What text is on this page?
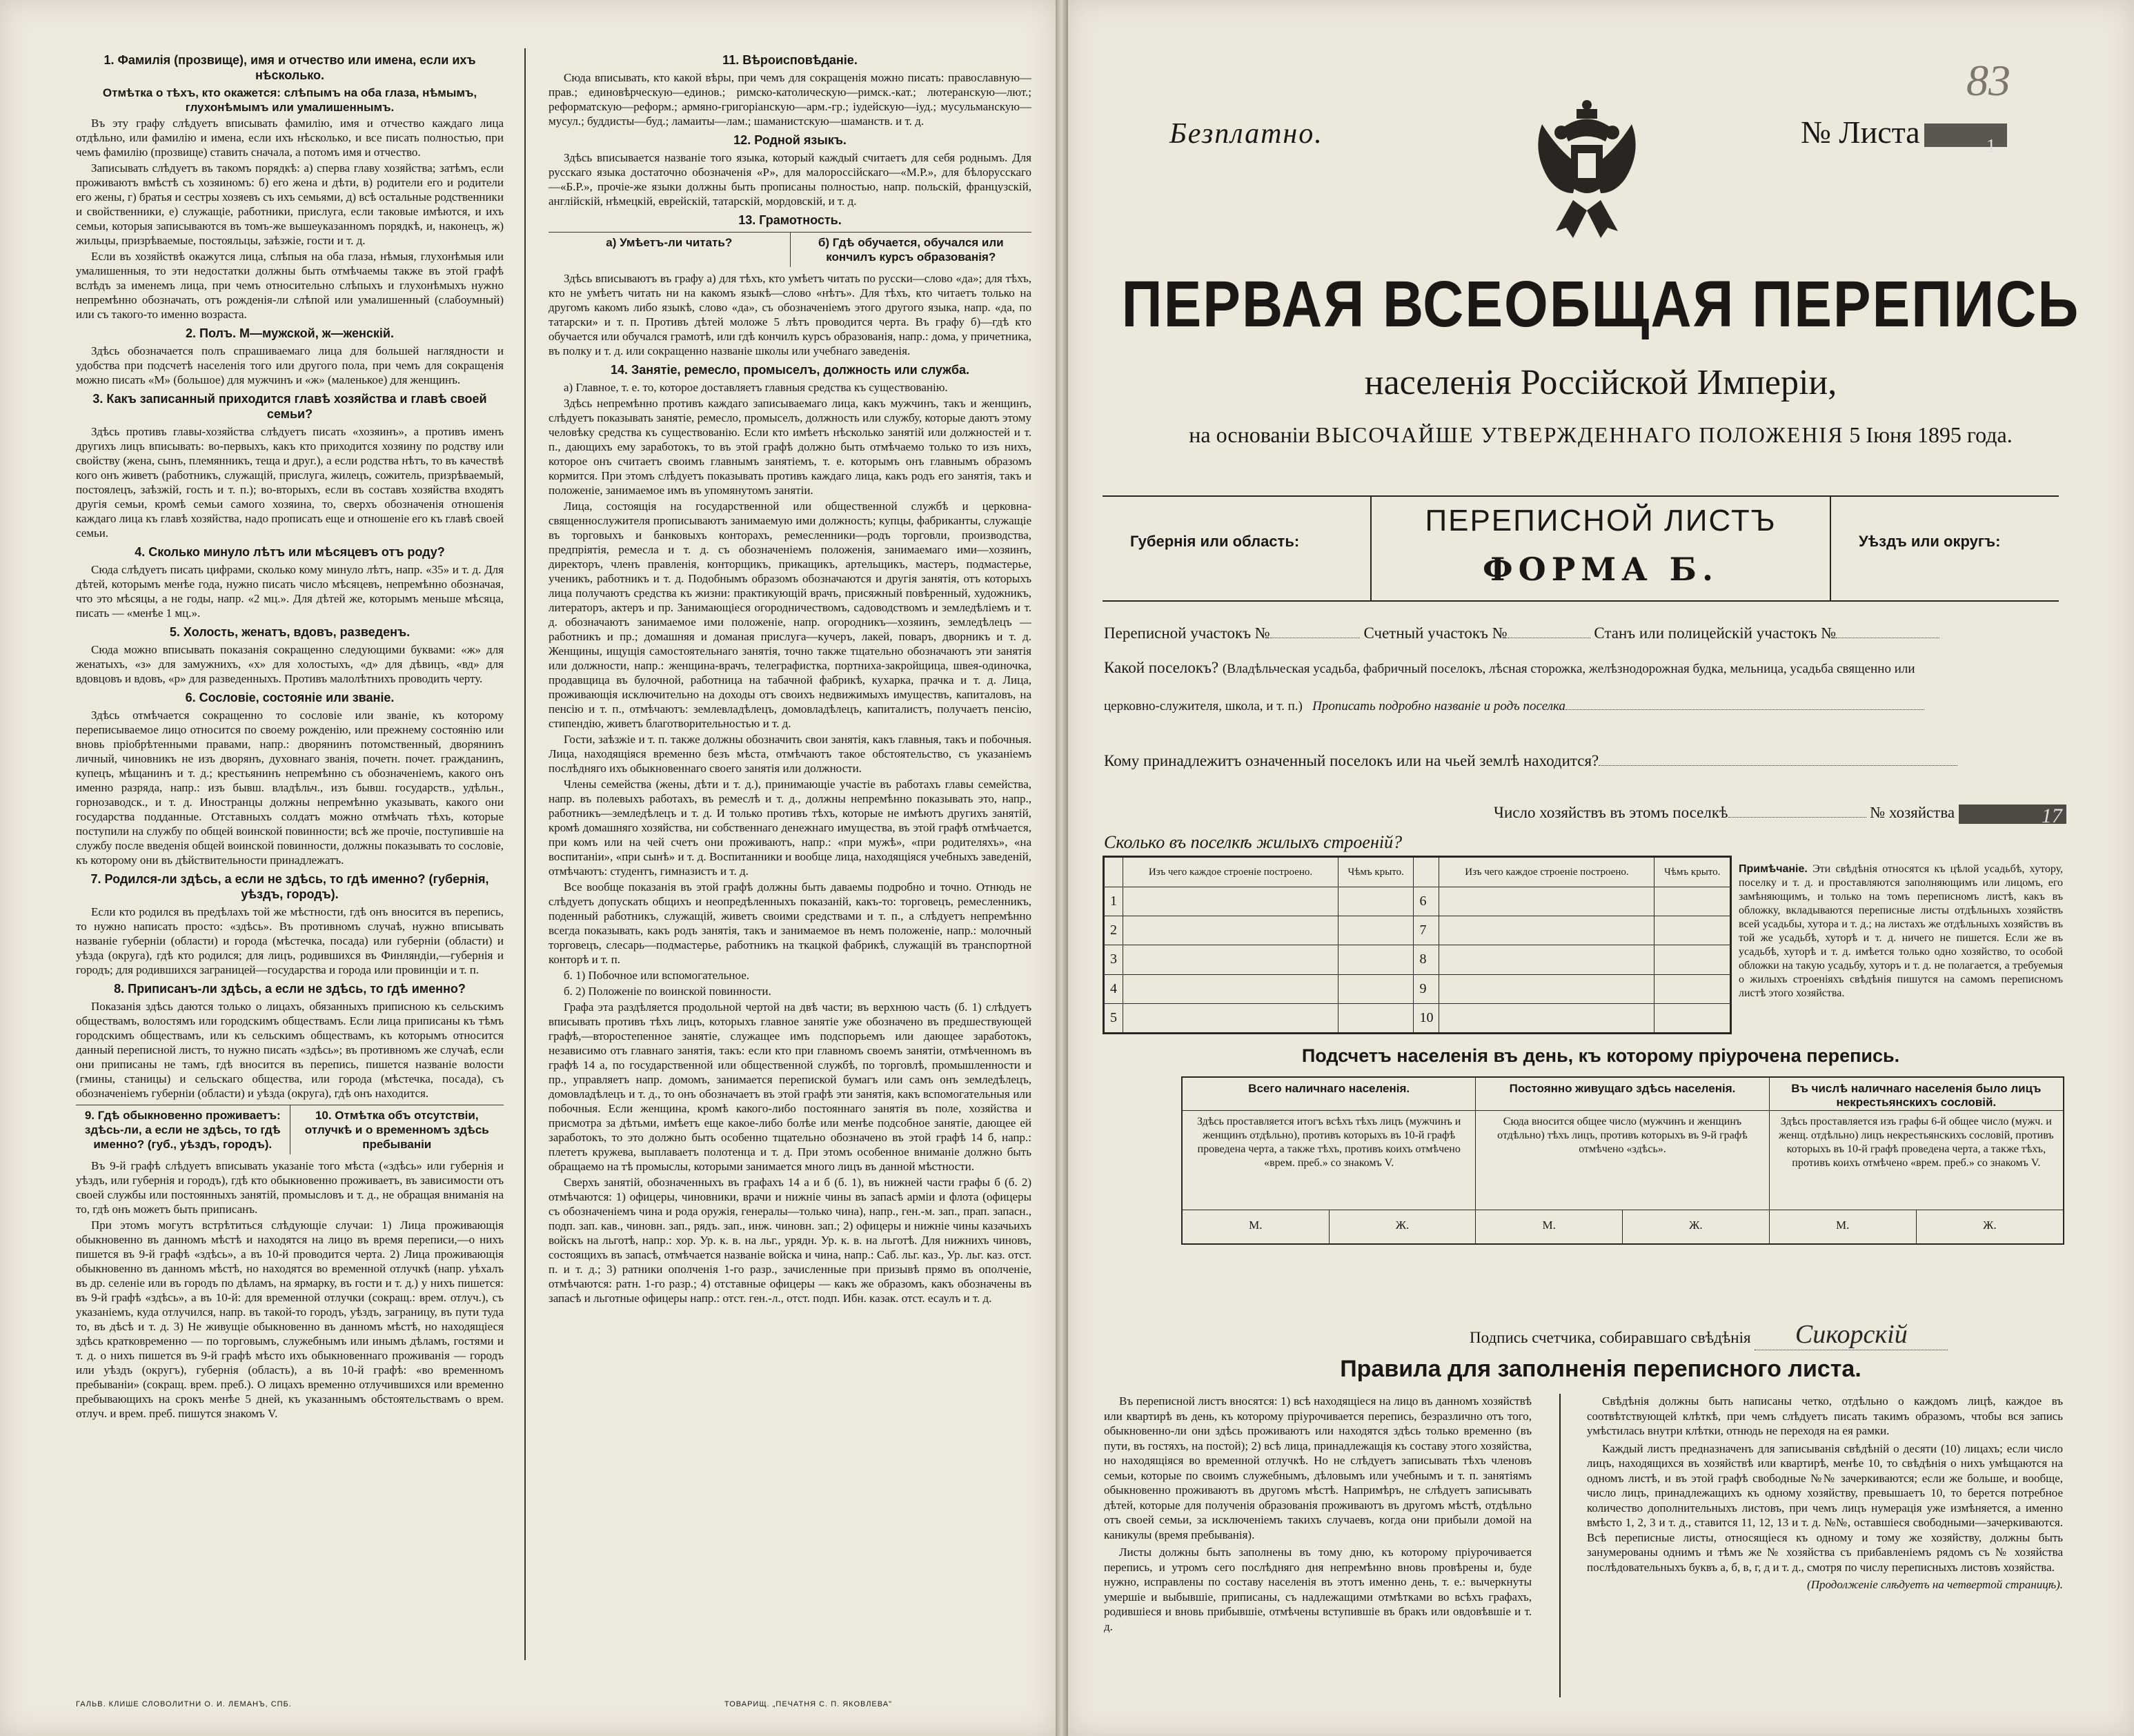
1. Фамилія (прозвище), имя и отчество или имена, если ихъ нѣсколько.

Отмѣтка о тѣхъ, кто окажется: слѣпымъ на оба глаза, нѣмымъ, глухонѣмымъ или умалишеннымъ.

Въ эту графу слѣдуетъ вписывать фамилію, имя и отчество каждаго лица отдѣльно, или фамилію и имена, если ихъ нѣсколько, и все писать полностью, при чемъ фамилію (прозвище) ставить сначала, а потомъ имя и отчество.

Записывать слѣдуетъ въ такомъ порядкѣ: а) сперва главу хозяйства; затѣмъ, если проживаютъ вмѣстѣ съ хозяиномъ: б) его жена и дѣти, в) родители его и родители его жены, г) братья и сестры хозяевъ съ ихъ семьями, д) всѣ остальные родственники и свойственники, е) служащіе, работники, прислуга, если таковые имѣются, и ихъ семьи, которыя записываются въ томъ-же вышеуказанномъ порядкѣ, и, наконецъ, ж) жильцы, призрѣваемые, постояльцы, заѣзжіе, гости и т. д.

Если въ хозяйствѣ окажутся лица, слѣпыя на оба глаза, нѣмыя, глухонѣмыя или умалишенныя, то эти недостатки должны быть отмѣчаемы также въ этой графѣ вслѣдъ за именемъ лица, при чемъ относительно слѣпыхъ и глухонѣмыхъ нужно непремѣнно обозначать, отъ рожденія-ли слѣпой или умалишенный (слабоумный) или съ такого-то именно возраста.

2. Полъ. М—мужской, ж—женскій.

Здѣсь обозначается полъ спрашиваемаго лица для большей наглядности и удобства при подсчетѣ населенія того или другого пола, при чемъ для сокращенія можно писать «М» (большое) для мужчинъ и «ж» (маленькое) для женщинъ.

3. Какъ записанный приходится главѣ хозяйства и главѣ своей семьи?

Здѣсь противъ главы-хозяйства слѣдуетъ писать «хозяинъ», а противъ именъ другихъ лицъ вписывать: во-первыхъ, какъ кто приходится хозяину по родству или свойству (жена, сынъ, племянникъ, теща и друг.), а если родства нѣтъ, то въ качествѣ кого онъ живетъ (работникъ, служащій, прислуга, жилецъ, сожитель, призрѣваемый, постоялецъ, заѣзжій, гость и т. п.); во-вторыхъ, если въ составъ хозяйства входятъ другія семьи, кромѣ семьи самого хозяина, то, сверхъ обозначенія отношенія каждаго лица къ главѣ хозяйства, надо прописать еще и отношеніе его къ главѣ своей семьи.

4. Сколько минуло лѣтъ или мѣсяцевъ отъ роду?

Сюда слѣдуетъ писать цифрами, сколько кому минуло лѣтъ, напр. «35» и т. д. Для дѣтей, которымъ менѣе года, нужно писать число мѣсяцевъ, непремѣнно обозначая, что это мѣсяцы, а не годы, напр. «2 мц.». Для дѣтей же, которымъ меньше мѣсяца, писать — «менѣе 1 мц.».

5. Холость, женатъ, вдовъ, разведенъ.

Сюда можно вписывать показанія сокращенно следующими буквами: «ж» для женатыхъ, «з» для замужнихъ, «х» для холостыхъ, «д» для дѣвицъ, «вд» для вдовцовъ и вдовъ, «р» для разведенныхъ. Противъ малолѣтнихъ проводить черту.

6. Сословіе, состояніе или званіе.

Здѣсь отмѣчается сокращенно то сословіе или званіе, къ которому переписываемое лицо относится по своему рожденію, или прежнему состоянію или вновь пріобрѣтенными правами, напр.: дворянинъ потомственный, дворянинъ личный, чиновникъ не изъ дворянъ, духовнаго званія, почетн. почет. гражданинъ, купецъ, мѣщанинъ и т. д.; крестьянинъ непремѣнно съ обозначеніемъ, какого онъ именно разряда, напр.: изъ бывш. владѣльч., изъ бывш. государств., удѣльн., горнозаводск., и т. д. Иностранцы должны непремѣнно указывать, какого они государства подданные. Отставныхъ солдатъ можно отмѣчать тѣхъ, которые поступили на службу по общей воинской повинности; всѣ же прочіе, поступившіе на службу после введенія общей воинской повинности, должны показывать то сословіе, къ которому они въ дѣйствительности принадлежатъ.

7. Родился-ли здѣсь, а если не здѣсь, то гдѣ именно? (губернія, уѣздъ, городъ).

Если кто родился въ предѣлахъ той же мѣстности, гдѣ онъ вносится въ перепись, то нужно написать просто: «здѣсь». Въ противномъ случаѣ, нужно вписывать названіе губерніи (области) и города (мѣстечка, посада) или губерніи (области) и уѣзда (округа), гдѣ кто родился; для лицъ, родившихся въ Финляндіи,—губернія и городъ; для родившихся заграницей—государства и города или провинціи и т. п.

8. Приписанъ-ли здѣсь, а если не здѣсь, то гдѣ именно?

Показанія здѣсь даются только о лицахъ, обязанныхъ приписною къ сельскимъ обществамъ, волостямъ или городскимъ обществамъ. Если лица приписаны къ тѣмъ городскимъ обществамъ, или къ сельскимъ обществамъ, къ которымъ относится данный переписной листъ, то нужно писать «здѣсь»; въ противномъ же случаѣ, если они приписаны не тамъ, гдѣ вносится въ перепись, пишется названіе волости (гмины, станицы) и сельскаго общества, или города (мѣстечка, посада), съ обозначеніемъ губерніи (области) и уѣзда (округа), гдѣ онъ находится.

9. Гдѣ обыкновенно проживаетъ: здѣсь-ли, а если не здѣсь, то гдѣ именно? (губ., уѣздъ, городъ).
10. Отмѣтка объ отсутствіи, отлучкѣ и о временномъ здѣсь пребываніи

Въ 9-й графѣ слѣдуетъ вписывать указаніе того мѣста («здѣсь» или губернія и уѣздъ, или губернія и городъ), гдѣ кто обыкновенно проживаетъ, въ зависимости отъ своей службы или постоянныхъ занятій, промысловъ и т. д., не обращая вниманія на то, гдѣ онъ можетъ быть приписанъ.

При этомъ могутъ встрѣтиться слѣдующіе случаи: 1) Лица проживающія обыкновенно въ данномъ мѣстѣ и находятся на лицо въ время переписи,—о нихъ пишется въ 9-й графѣ «здѣсь», а въ 10-й проводится черта. 2) Лица проживающія обыкновенно въ данномъ мѣстѣ, но находятся во временной отлучкѣ (напр. уѣхалъ въ др. селеніе или въ городъ по дѣламъ, на ярмарку, въ гости и т. д.) у нихъ пишется: въ 9-й графѣ «здѣсь», а въ 10-й: для временной отлучки (сокращ.: врем. отлуч.), съ указаніемъ, куда отлучился, напр. въ такой-то городъ, уѣздъ, заграницу, въ пути туда то, въ дѣсѣ и т. д. 3) Не живущіе обыкновенно въ данномъ мѣстѣ, но находящіеся здѣсь кратковременно — по торговымъ, служебнымъ или инымъ дѣламъ, гостями и т. д. о нихъ пишется въ 9-й графѣ мѣсто ихъ обыкновеннаго проживанія — городъ или уѣздъ (округъ), губернія (область), а въ 10-й графѣ: «во временномъ пребываніи» (сокращ. врем. преб.). О лицахъ временно отлучившихся или временно пребывающихъ на срокъ менѣе 5 дней, къ указаннымъ обстоятельствамъ о врем. отлуч. и врем. преб. пишутся знакомъ V.

11. Вѣроисповѣданіе.

Сюда вписывать, кто какой вѣры, при чемъ для сокращенія можно писать: православную—прав.; единовѣрческую—единов.; римско-католическую—римск.-кат.; лютеранскую—лют.; реформатскую—реформ.; армяно-григоріанскую—арм.-гр.; іудейскую—іуд.; мусульманскую—мусул.; буддисты—буд.; ламаиты—лам.; шаманистскую—шаманств. и т. д.

12. Родной языкъ.

Здѣсь вписывается названіе того языка, который каждый считаетъ для себя роднымъ. Для русскаго языка достаточно обозначенія «Р», для малороссійскаго—«М.Р.», для бѣлорусскаго—«Б.Р.», прочіе-же языки должны быть прописаны полностью, напр. польскій, французскій, англійскій, нѣмецкій, еврейскій, татарскій, мордовскій, и т. д.

13. Грамотность.
а) Умѣетъ-ли читать?	б) Гдѣ обучается, обучался или кончилъ курсъ образованія?

Здѣсь вписываютъ въ графу а) для тѣхъ, кто умѣетъ читать по русски—слово «да»; для тѣхъ, кто не умѣетъ читать ни на какомъ языкѣ—слово «нѣтъ». Для тѣхъ, кто читаетъ только на другомъ какомъ либо языкѣ, слово «да», съ обозначеніемъ этого другого языка, напр. «да, по татарски» и т. п. Противъ дѣтей моложе 5 лѣтъ проводится черта. Въ графу б)—гдѣ кто обучается или обучался грамотѣ, или гдѣ кончилъ курсъ образованія, напр.: дома, у причетника, въ полку и т. д. или сокращенно названіе школы или учебнаго заведенія.

14. Занятіе, ремесло, промыселъ, должность или служба.

а) Главное, т. е. то, которое доставляетъ главныя средства къ существованію.

Здѣсь непремѣнно противъ каждаго записываемаго лица, какъ мужчинъ, такъ и женщинъ, слѣдуетъ показывать занятіе, ремесло, промыселъ, должность или службу, которые даютъ этому человѣку средства къ существованію. Если кто имѣетъ нѣсколько занятій или должностей и т. п., дающихъ ему заработокъ, то въ этой графѣ должно быть отмѣчаемо только то изъ нихъ, которое онъ считаетъ своимъ главнымъ занятіемъ, т. е. которымъ онъ главнымъ образомъ кормится. При этомъ слѣдуетъ показывать противъ каждаго лица, какъ родъ его занятія, такъ и положеніе, занимаемое имъ въ упомянутомъ занятіи.

Лица, состоящія на государственной или общественной службѣ и церковна-священнослужителя прописываютъ занимаемую ими должность; купцы, фабриканты, служащіе въ торговыхъ и банковыхъ конторахъ, ремесленники—родъ торговли, производства, предпріятія, ремесла и т. д. съ обозначеніемъ положенія, занимаемаго ими—хозяинъ, директоръ, членъ правленія, конторщикъ, прикащикъ, артельщикъ, мастеръ, подмастерье, ученикъ, работникъ и т. д. Подобнымъ образомъ обозначаются и другія занятія, отъ которыхъ лица получаютъ средства къ жизни: практикующій врачъ, присяжный повѣренный, художникъ, литераторъ, актеръ и пр. Занимающіеся огородничествомъ, садоводствомъ и земледѣліемъ и т. д. обозначаютъ занимаемое ими положеніе, напр. огородникъ—хозяинъ, земледѣлецъ — работникъ и пр.; домашняя и доманая прислуга—кучеръ, лакей, поваръ, дворникъ и т. д. Женщины, ищущія самостоятельнаго занятія, точно также тщательно обозначаютъ эти занятія или должности, напр.: женщина-врачъ, телеграфистка, портниха-закройщица, швея-одиночка, продавщица въ булочной, работница на табачной фабрикѣ, кухарка, прачка и т. д. Лица, проживающія исключительно на доходы отъ своихъ недвижимыхъ имуществъ, капиталовъ, на пенсію и т. п., отмѣчаютъ: землевладѣлецъ, домовладѣлецъ, капиталистъ, получаетъ пенсію, стипендію, живетъ благотворительностью и т. д.

Гости, заѣзжіе и т. п. также должны обозначить свои занятія, какъ главныя, такъ и побочныя. Лица, находящіяся временно безъ мѣста, отмѣчаютъ такое обстоятельство, съ указаніемъ послѣдняго ихъ обыкновеннаго своего занятія или должности.

Члены семейства (жены, дѣти и т. д.), принимающіе участіе въ работахъ главы семейства, напр. въ полевыхъ работахъ, въ ремеслѣ и т. д., должны непремѣнно показывать это, напр., работникъ—земледѣлецъ и т. д. И только противъ тѣхъ, которые не имѣютъ другихъ занятій, кромѣ домашняго хозяйства, ни собственнаго денежнаго имущества, въ этой графѣ отмѣчается, при комъ или на чей счетъ они проживаютъ, напр.: «при мужѣ», «при родителяхъ», «на воспитаніи», «при сынѣ» и т. д. Воспитанники и вообще лица, находящіяся учебныхъ заведеній, отмѣчаютъ: студентъ, гимназистъ и т. д.

Все вообще показанія въ этой графѣ должны быть даваемы подробно и точно. Отнюдь не слѣдуетъ допускать общихъ и неопредѣленныхъ показаній, какъ-то: торговецъ, ремесленникъ, поденный работникъ, служащій, живетъ своими средствами и т. п., а слѣдуетъ непремѣнно всегда показывать, какъ родъ занятія, такъ и занимаемое въ немъ положеніе, напр.: молочный торговецъ, слесарь—подмастерье, работникъ на ткацкой фабрикѣ, служащій въ транспортной конторѣ и т. п.

б. 1) Побочное или вспомогательное.

б. 2) Положеніе по воинской повинности.

Графа эта раздѣляется продольной чертой на двѣ части; въ верхнюю часть (б. 1) слѣдуетъ вписывать противъ тѣхъ лицъ, которыхъ главное занятіе уже обозначено въ предшествующей графѣ,—второстепенное занятіе, служащее имъ подспорьемъ или дающее заработокъ, независимо отъ главнаго занятія, такъ: если кто при главномъ своемъ занятіи, отмѣченномъ въ графѣ 14 а, по государственной или общественной службѣ, по торговлѣ, промышленности и пр., управляетъ напр. домомъ, занимается перепиской бумагъ или самъ онъ земледѣлецъ, домовладѣлецъ и т. д., то онъ обозначаетъ въ этой графѣ эти занятія, какъ вспомогательныя или побочныя. Если женщина, кромѣ какого-либо постояннаго занятія въ поле, хозяйства и присмотра за дѣтьми, имѣетъ еще какое-либо болѣе или менѣе подсобное занятіе, дающее ей заработокъ, то это должно быть особенно тщательно обозначено въ этой графѣ 14 б, напр.: плететъ кружева, выплаваетъ полотенца и т. д. При этомъ особенное вниманіе должно быть обращаемо на тѣ промыслы, которыми занимается много лицъ въ данной мѣстности.

Сверхъ занятій, обозначенныхъ въ графахъ 14 а и б (б. 1), въ нижней части графы б (б. 2) отмѣчаются: 1) офицеры, чиновники, врачи и нижніе чины въ запасѣ армiи и флота (офицеры съ обозначеніемъ чина и рода оружія, генералы—только чина), напр., ген.-м. зап., прап. запасн., подп. зап. кав., чиновн. зап., рядъ. зап., инж. чиновн. зап.; 2) офицеры и нижніе чины казачьихъ войскъ на льготѣ, напр.: хор. Ур. к. в. на льг., урядн. Ур. к. в. на льготѣ. Для нижнихъ чиновъ, состоящихъ въ запасѣ, отмѣчается названіе войска и чина, напр.: Саб. льг. каз., Ур. льг. каз. отст. п. и т. д.; 3) ратники ополченія 1-го разр., зачисленные при призывѣ прямо въ ополченіе, отмѣчаются: ратн. 1-го разр.; 4) отставные офицеры — какъ же образомъ, какъ обозначены въ запасѣ и льготные офицеры напр.: отст. ген.-л., отст. подп. Ибн. казак. отст. есаулъ и т. д.

ГАЛЬВ. КЛИШЕ СЛОВОЛИТНИ О. И. ЛЕМАНЪ, СПБ.	ТОВАРИЩ. „ПЕЧАТНЯ С. П. ЯКОВЛЕВА"
83
Безплатно.	№ Листа	1
ПЕРВАЯ ВСЕОБЩАЯ ПЕРЕПИСЬ
населенія Россійской Имперіи,
на основаніи ВЫСОЧАЙШЕ УТВЕРЖДЕННАГО ПОЛОЖЕНІЯ 5 Іюня 1895 года.
Губернія или область:
ПЕРЕПИСНОЙ ЛИСТЪ
ФОРМА Б.
Уѣздъ или округъ:
Переписной участокъ №	Счетный участокъ №	Станъ или полицейскій участокъ №
Какой поселокъ? (Владѣльческая усадьба, фабричный поселокъ, лѣсная сторожка, желѣзнодорожная будка, мельница, усадьба священно или
церковно-служителя, школа, и т. п.) Прописать подробно названіе и родъ поселка
Кому принадлежитъ означенный поселокъ или на чьей землѣ находится?
Число хозяйствъ въ этомъ поселкѣ	№ хозяйства	17
Сколько въ поселкѣ жилыхъ строеній?
	Изъ чего каждое строеніе построено.	Чѣмъ крыто.		Изъ чего каждое строеніе построено.	Чѣмъ крыто.
1			6		
2			7		
3			8		
4			9		
5			10		
Примѣчаніе. Эти свѣдѣнія относятся къ цѣлой усадьбѣ, хутору, поселку и т. д. и проставляются заполняющимъ или лицомъ, его замѣняющимъ, и только на томъ переписномъ листѣ, какъ въ обложку, вкладываются переписные листы отдѣльныхъ хозяйствъ всей усадьбы, хутора и т. д.; на листахъ же отдѣльныхъ хозяйствъ въ той же усадьбѣ, хуторѣ и т. д. ничего не пишется. Если же въ усадьбѣ, хуторѣ и т. д. имѣется только одно хозяйство, то особой обложки на такую усадьбу, хуторъ и т. д. не полагается, а требуемыя о жилыхъ строеніяхъ свѣдѣнія пишутся на самомъ переписномъ листѣ этого хозяйства.
Подсчетъ населенія въ день, къ которому пріурочена перепись.
Всего наличнаго населенія.
Здѣсь проставляется итогъ всѣхъ тѣхъ лицъ (мужчинъ и женщинъ отдѣльно), противъ которыхъ въ 10-й графѣ проведена черта, а также тѣхъ, противъ коихъ отмѣчено «врем. преб.» со знакомъ V.
М.	Ж.
Постоянно живущаго здѣсь населенія.
Сюда вносится общее число (мужчинъ и женщинъ отдѣльно) тѣхъ лицъ, противъ которыхъ въ 9-й графѣ отмѣчено «здѣсь».
М.	Ж.
Въ числѣ наличнаго населенія было лицъ некрестьянскихъ сословій.
Здѣсь проставляется изъ графы 6-й общее число (мужч. и женщ. отдѣльно) лицъ некрестьянскихъ сословій, противъ которыхъ въ 10-й графѣ проведена черта, а также тѣхъ, противъ коихъ отмѣчено «врем. преб.» со знакомъ V.
М.	Ж.
Подпись счетчика, собиравшаго свѣдѣнія Сикорскій
Правила для заполненія переписного листа.

Въ переписной листъ вносятся: 1) всѣ находящіеся на лицо въ данномъ хозяйствѣ или квартирѣ въ день, къ которому пріурочивается перепись, безразлично отъ того, обыкновенно-ли они здѣсь проживаютъ или находятся здѣсь только временно (въ пути, въ гостяхъ, на постой); 2) всѣ лица, принадлежащія къ составу этого хозяйства, но находящіяся во временной отлучкѣ. Но не слѣдуетъ записывать тѣхъ членовъ семьи, которые по своимъ служебнымъ, дѣловымъ или учебнымъ и т. п. занятіямъ обыкновенно проживаютъ въ другомъ мѣстѣ. Напримѣръ, не слѣдуетъ записывать дѣтей, которые для полученія образованія проживаютъ въ другомъ мѣстѣ, отдѣльно отъ своей семьи, за исключеніемъ такихъ случаевъ, когда они прибыли домой на каникулы (время пребыванія).

Листы должны быть заполнены въ тому дню, къ которому пріурочивается перепись, и утромъ сего послѣдняго дня непремѣнно вновь провѣрены и, буде нужно, исправлены по составу населенія въ этотъ именно день, т. е.: вычеркнуты умершіе и выбывшіе, приписаны, съ надлежащими отмѣтками во всѣхъ графахъ, родившіеся и вновь прибывшіе, отмѣчены вступившіе въ бракъ или овдовѣвшіе и т. д.

Свѣдѣнія должны быть написаны четко, отдѣльно о каждомъ лицѣ, каждое въ соотвѣтствующей клѣткѣ, при чемъ слѣдуетъ писать такимъ образомъ, чтобы вся запись умѣстилась внутри клѣтки, отнюдь не переходя на ея рамки.

Каждый листъ предназначенъ для записыванія свѣдѣній о десяти (10) лицахъ; если число лицъ, находящихся въ хозяйствѣ или квартирѣ, менѣе 10, то свѣдѣнія о нихъ умѣщаются на одномъ листѣ, и въ этой графѣ свободные №№ зачеркиваются; если же больше, и вообще, число лицъ, принадлежащихъ къ одному хозяйству, превышаетъ 10, то берется потребное количество дополнительныхъ листовъ, при чемъ лицъ нумерація уже измѣняется, а именно вмѣсто 1, 2, 3 и т. д., ставится 11, 12, 13 и т. д. №№, оставшіеся свободными—зачеркиваются. Всѣ переписные листы, относящіеся къ одному и тому же хозяйству, должны быть занумерованы однимъ и тѣмъ же № хозяйства съ прибавленіемъ рядомъ съ № хозяйства послѣдовательныхъ буквъ а, б, в, г, д и т. д., смотря по числу переписныхъ листовъ хозяйства.

(Продолженіе слѣдуетъ на четвертой страницѣ).
